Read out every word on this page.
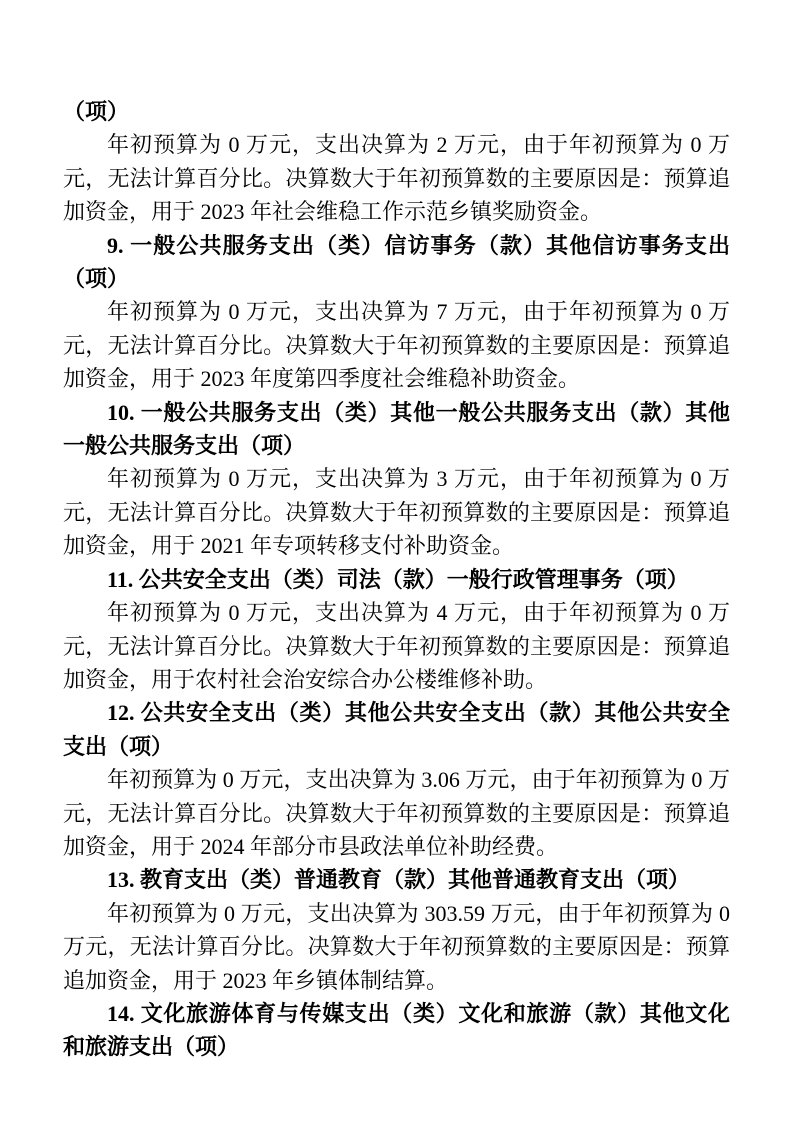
（项）

年初预算为 0 万元，支出决算为 2 万元，由于年初预算为 0 万元，无法计算百分比。决算数大于年初预算数的主要原因是：预算追加资金，用于 2023 年社会维稳工作示范乡镇奖励资金。

9. 一般公共服务支出（类）信访事务（款）其他信访事务支出（项）

年初预算为 0 万元，支出决算为 7 万元，由于年初预算为 0 万元，无法计算百分比。决算数大于年初预算数的主要原因是：预算追加资金，用于 2023 年度第四季度社会维稳补助资金。

10. 一般公共服务支出（类）其他一般公共服务支出（款）其他一般公共服务支出（项）

年初预算为 0 万元，支出决算为 3 万元，由于年初预算为 0 万元，无法计算百分比。决算数大于年初预算数的主要原因是：预算追加资金，用于 2021 年专项转移支付补助资金。

11. 公共安全支出（类）司法（款）一般行政管理事务（项）

年初预算为 0 万元，支出决算为 4 万元，由于年初预算为 0 万元，无法计算百分比。决算数大于年初预算数的主要原因是：预算追加资金，用于农村社会治安综合办公楼维修补助。

12. 公共安全支出（类）其他公共安全支出（款）其他公共安全支出（项）

年初预算为 0 万元，支出决算为 3.06 万元，由于年初预算为 0 万元，无法计算百分比。决算数大于年初预算数的主要原因是：预算追加资金，用于 2024 年部分市县政法单位补助经费。

13. 教育支出（类）普通教育（款）其他普通教育支出（项）

年初预算为 0 万元，支出决算为 303.59 万元，由于年初预算为 0 万元，无法计算百分比。决算数大于年初预算数的主要原因是：预算追加资金，用于 2023 年乡镇体制结算。

14. 文化旅游体育与传媒支出（类）文化和旅游（款）其他文化和旅游支出（项）
